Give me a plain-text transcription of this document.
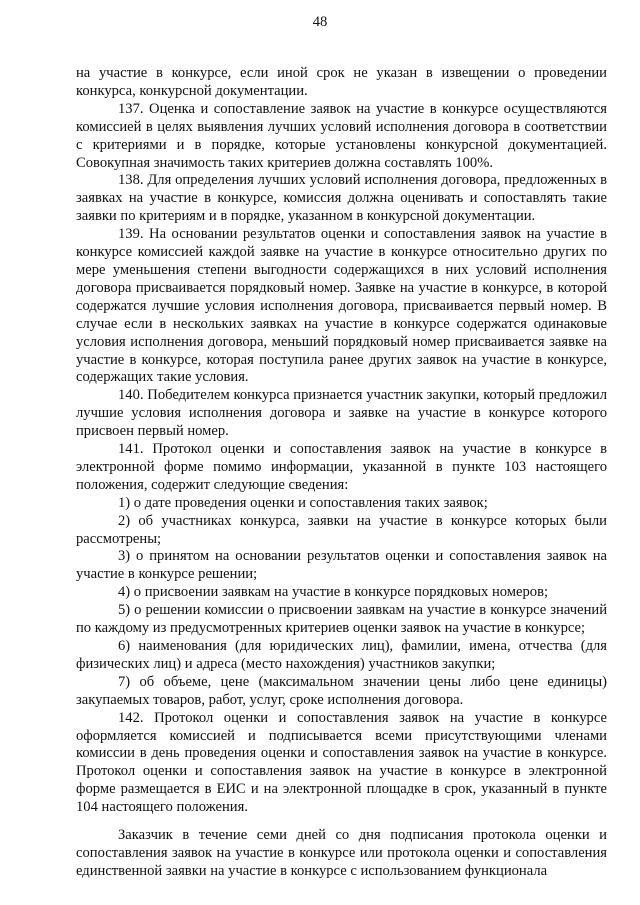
48

на участие в конкурсе, если иной срок не указан в извещении о проведении конкурса, конкурсной документации.

137. Оценка и сопоставление заявок на участие в конкурсе осуществляются комиссией в целях выявления лучших условий исполнения договора в соответствии с критериями и в порядке, которые установлены конкурсной документацией. Совокупная значимость таких критериев должна составлять 100%.

138. Для определения лучших условий исполнения договора, предложенных в заявках на участие в конкурсе, комиссия должна оценивать и сопоставлять такие заявки по критериям и в порядке, указанном в конкурсной документации.

139. На основании результатов оценки и сопоставления заявок на участие в конкурсе комиссией каждой заявке на участие в конкурсе относительно других по мере уменьшения степени выгодности содержащихся в них условий исполнения договора присваивается порядковый номер. Заявке на участие в конкурсе, в которой содержатся лучшие условия исполнения договора, присваивается первый номер. В случае если в нескольких заявках на участие в конкурсе содержатся одинаковые условия исполнения договора, меньший порядковый номер присваивается заявке на участие в конкурсе, которая поступила ранее других заявок на участие в конкурсе, содержащих такие условия.

140. Победителем конкурса признается участник закупки, который предложил лучшие условия исполнения договора и заявке на участие в конкурсе которого присвоен первый номер.

141. Протокол оценки и сопоставления заявок на участие в конкурсе в электронной форме помимо информации, указанной в пункте 103 настоящего положения, содержит следующие сведения:

1) о дате проведения оценки и сопоставления таких заявок;

2) об участниках конкурса, заявки на участие в конкурсе которых были рассмотрены;

3) о принятом на основании результатов оценки и сопоставления заявок на участие в конкурсе решении;

4) о присвоении заявкам на участие в конкурсе порядковых номеров;

5) о решении комиссии о присвоении заявкам на участие в конкурсе значений по каждому из предусмотренных критериев оценки заявок на участие в конкурсе;

6) наименования (для юридических лиц), фамилии, имена, отчества (для физических лиц) и адреса (место нахождения) участников закупки;

7) об объеме, цене (максимальном значении цены либо цене единицы) закупаемых товаров, работ, услуг, сроке исполнения договора.

142. Протокол оценки и сопоставления заявок на участие в конкурсе оформляется комиссией и подписывается всеми присутствующими членами комиссии в день проведения оценки и сопоставления заявок на участие в конкурсе. Протокол оценки и сопоставления заявок на участие в конкурсе в электронной форме размещается в ЕИС и на электронной площадке в срок, указанный в пункте 104 настоящего положения.

Заказчик в течение семи дней со дня подписания протокола оценки и сопоставления заявок на участие в конкурсе или протокола оценки и сопоставления единственной заявки на участие в конкурсе с использованием функционала
